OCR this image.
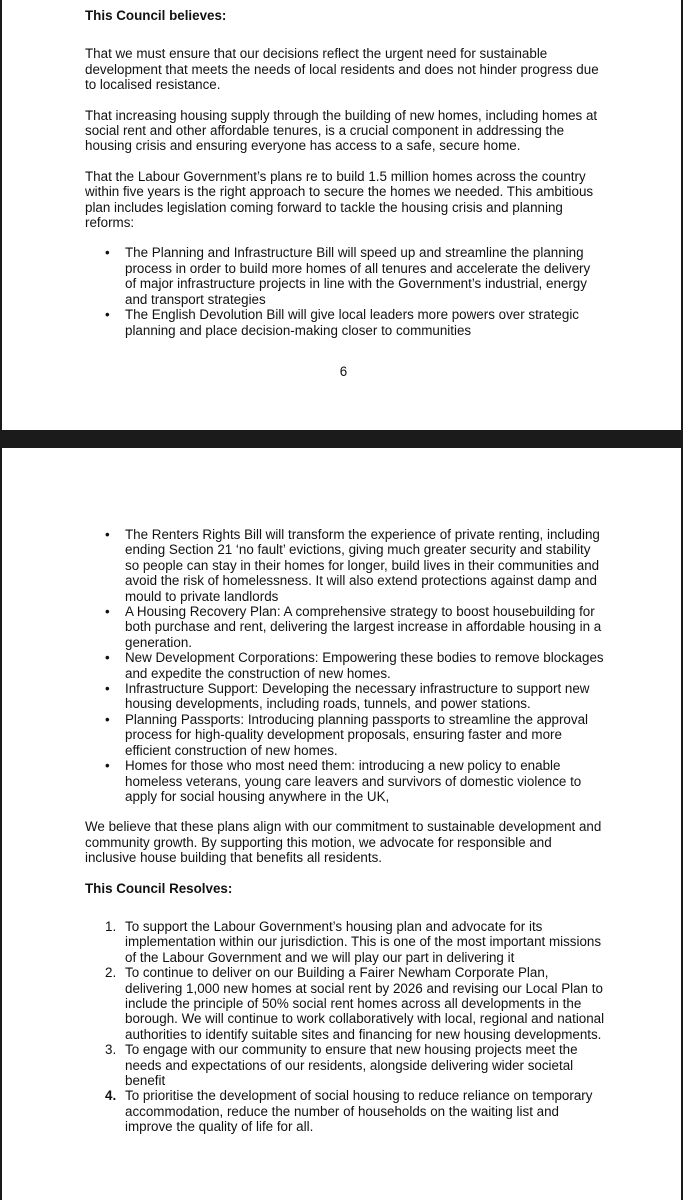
This Council believes:

That we must ensure that our decisions reflect the urgent need for sustainable development that meets the needs of local residents and does not hinder progress due to localised resistance.

That increasing housing supply through the building of new homes, including homes at social rent and other affordable tenures, is a crucial component in addressing the housing crisis and ensuring everyone has access to a safe, secure home.

That the Labour Government’s plans re to build 1.5 million homes across the country within five years is the right approach to secure the homes we needed. This ambitious plan includes legislation coming forward to tackle the housing crisis and planning reforms:

• The Planning and Infrastructure Bill will speed up and streamline the planning process in order to build more homes of all tenures and accelerate the delivery of major infrastructure projects in line with the Government’s industrial, energy and transport strategies
• The English Devolution Bill will give local leaders more powers over strategic planning and place decision-making closer to communities
6
• The Renters Rights Bill will transform the experience of private renting, including ending Section 21 ‘no fault’ evictions, giving much greater security and stability so people can stay in their homes for longer, build lives in their communities and avoid the risk of homelessness. It will also extend protections against damp and mould to private landlords
• A Housing Recovery Plan: A comprehensive strategy to boost housebuilding for both purchase and rent, delivering the largest increase in affordable housing in a generation.
• New Development Corporations: Empowering these bodies to remove blockages and expedite the construction of new homes.
• Infrastructure Support: Developing the necessary infrastructure to support new housing developments, including roads, tunnels, and power stations.
• Planning Passports: Introducing planning passports to streamline the approval process for high-quality development proposals, ensuring faster and more efficient construction of new homes.
• Homes for those who most need them: introducing a new policy to enable homeless veterans, young care leavers and survivors of domestic violence to apply for social housing anywhere in the UK,

We believe that these plans align with our commitment to sustainable development and community growth. By supporting this motion, we advocate for responsible and inclusive house building that benefits all residents.

This Council Resolves:

1. To support the Labour Government’s housing plan and advocate for its implementation within our jurisdiction. This is one of the most important missions of the Labour Government and we will play our part in delivering it
2. To continue to deliver on our Building a Fairer Newham Corporate Plan, delivering 1,000 new homes at social rent by 2026 and revising our Local Plan to include the principle of 50% social rent homes across all developments in the borough. We will continue to work collaboratively with local, regional and national authorities to identify suitable sites and financing for new housing developments.
3. To engage with our community to ensure that new housing projects meet the needs and expectations of our residents, alongside delivering wider societal benefit
4. To prioritise the development of social housing to reduce reliance on temporary accommodation, reduce the number of households on the waiting list and improve the quality of life for all.
